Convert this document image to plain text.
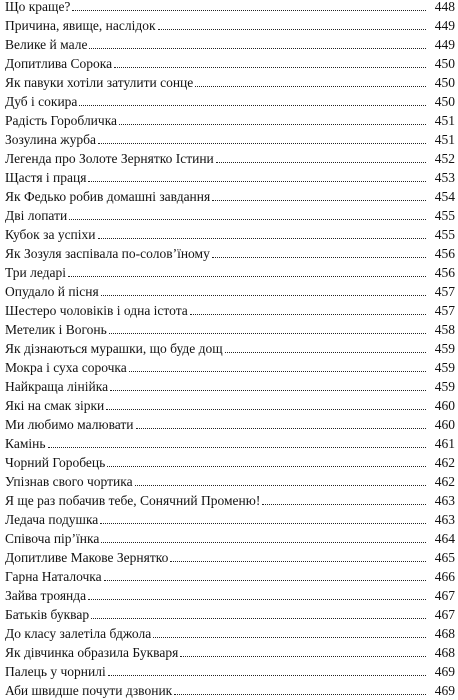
Що краще?	448
Причина, явище, наслідок	449
Велике й мале	449
Допитлива Сорока	450
Як павуки хотіли затулити сонце	450
Дуб і сокира	450
Радість Горобличка	451
Зозулина журба	451
Легенда про Золоте Зернятко Істини	452
Щастя і праця	453
Як Федько робив домашні завдання	454
Дві лопати	455
Кубок за успіхи	455
Як Зозуля заспівала по-солов’їному	456
Три ледарі	456
Опудало й пісня	457
Шестеро чоловіків і одна істота	457
Метелик і Вогонь	458
Як дізнаються мурашки, що буде дощ	459
Мокра і суха сорочка	459
Найкраща лінійка	459
Які на смак зірки	460
Ми любимо малювати	460
Камінь	461
Чорний Горобець	462
Упізнав свого чортика	462
Я ще раз побачив тебе, Сонячний Променю!	463
Ледача подушка	463
Співоча пір’їнка	464
Допитливе Макове Зернятко	465
Гарна Наталочка	466
Зайва троянда	467
Батьків буквар	467
До класу залетіла бджола	468
Як дівчинка образила Букваря	468
Палець у чорнилі	469
Аби швидше почути дзвоник	469
